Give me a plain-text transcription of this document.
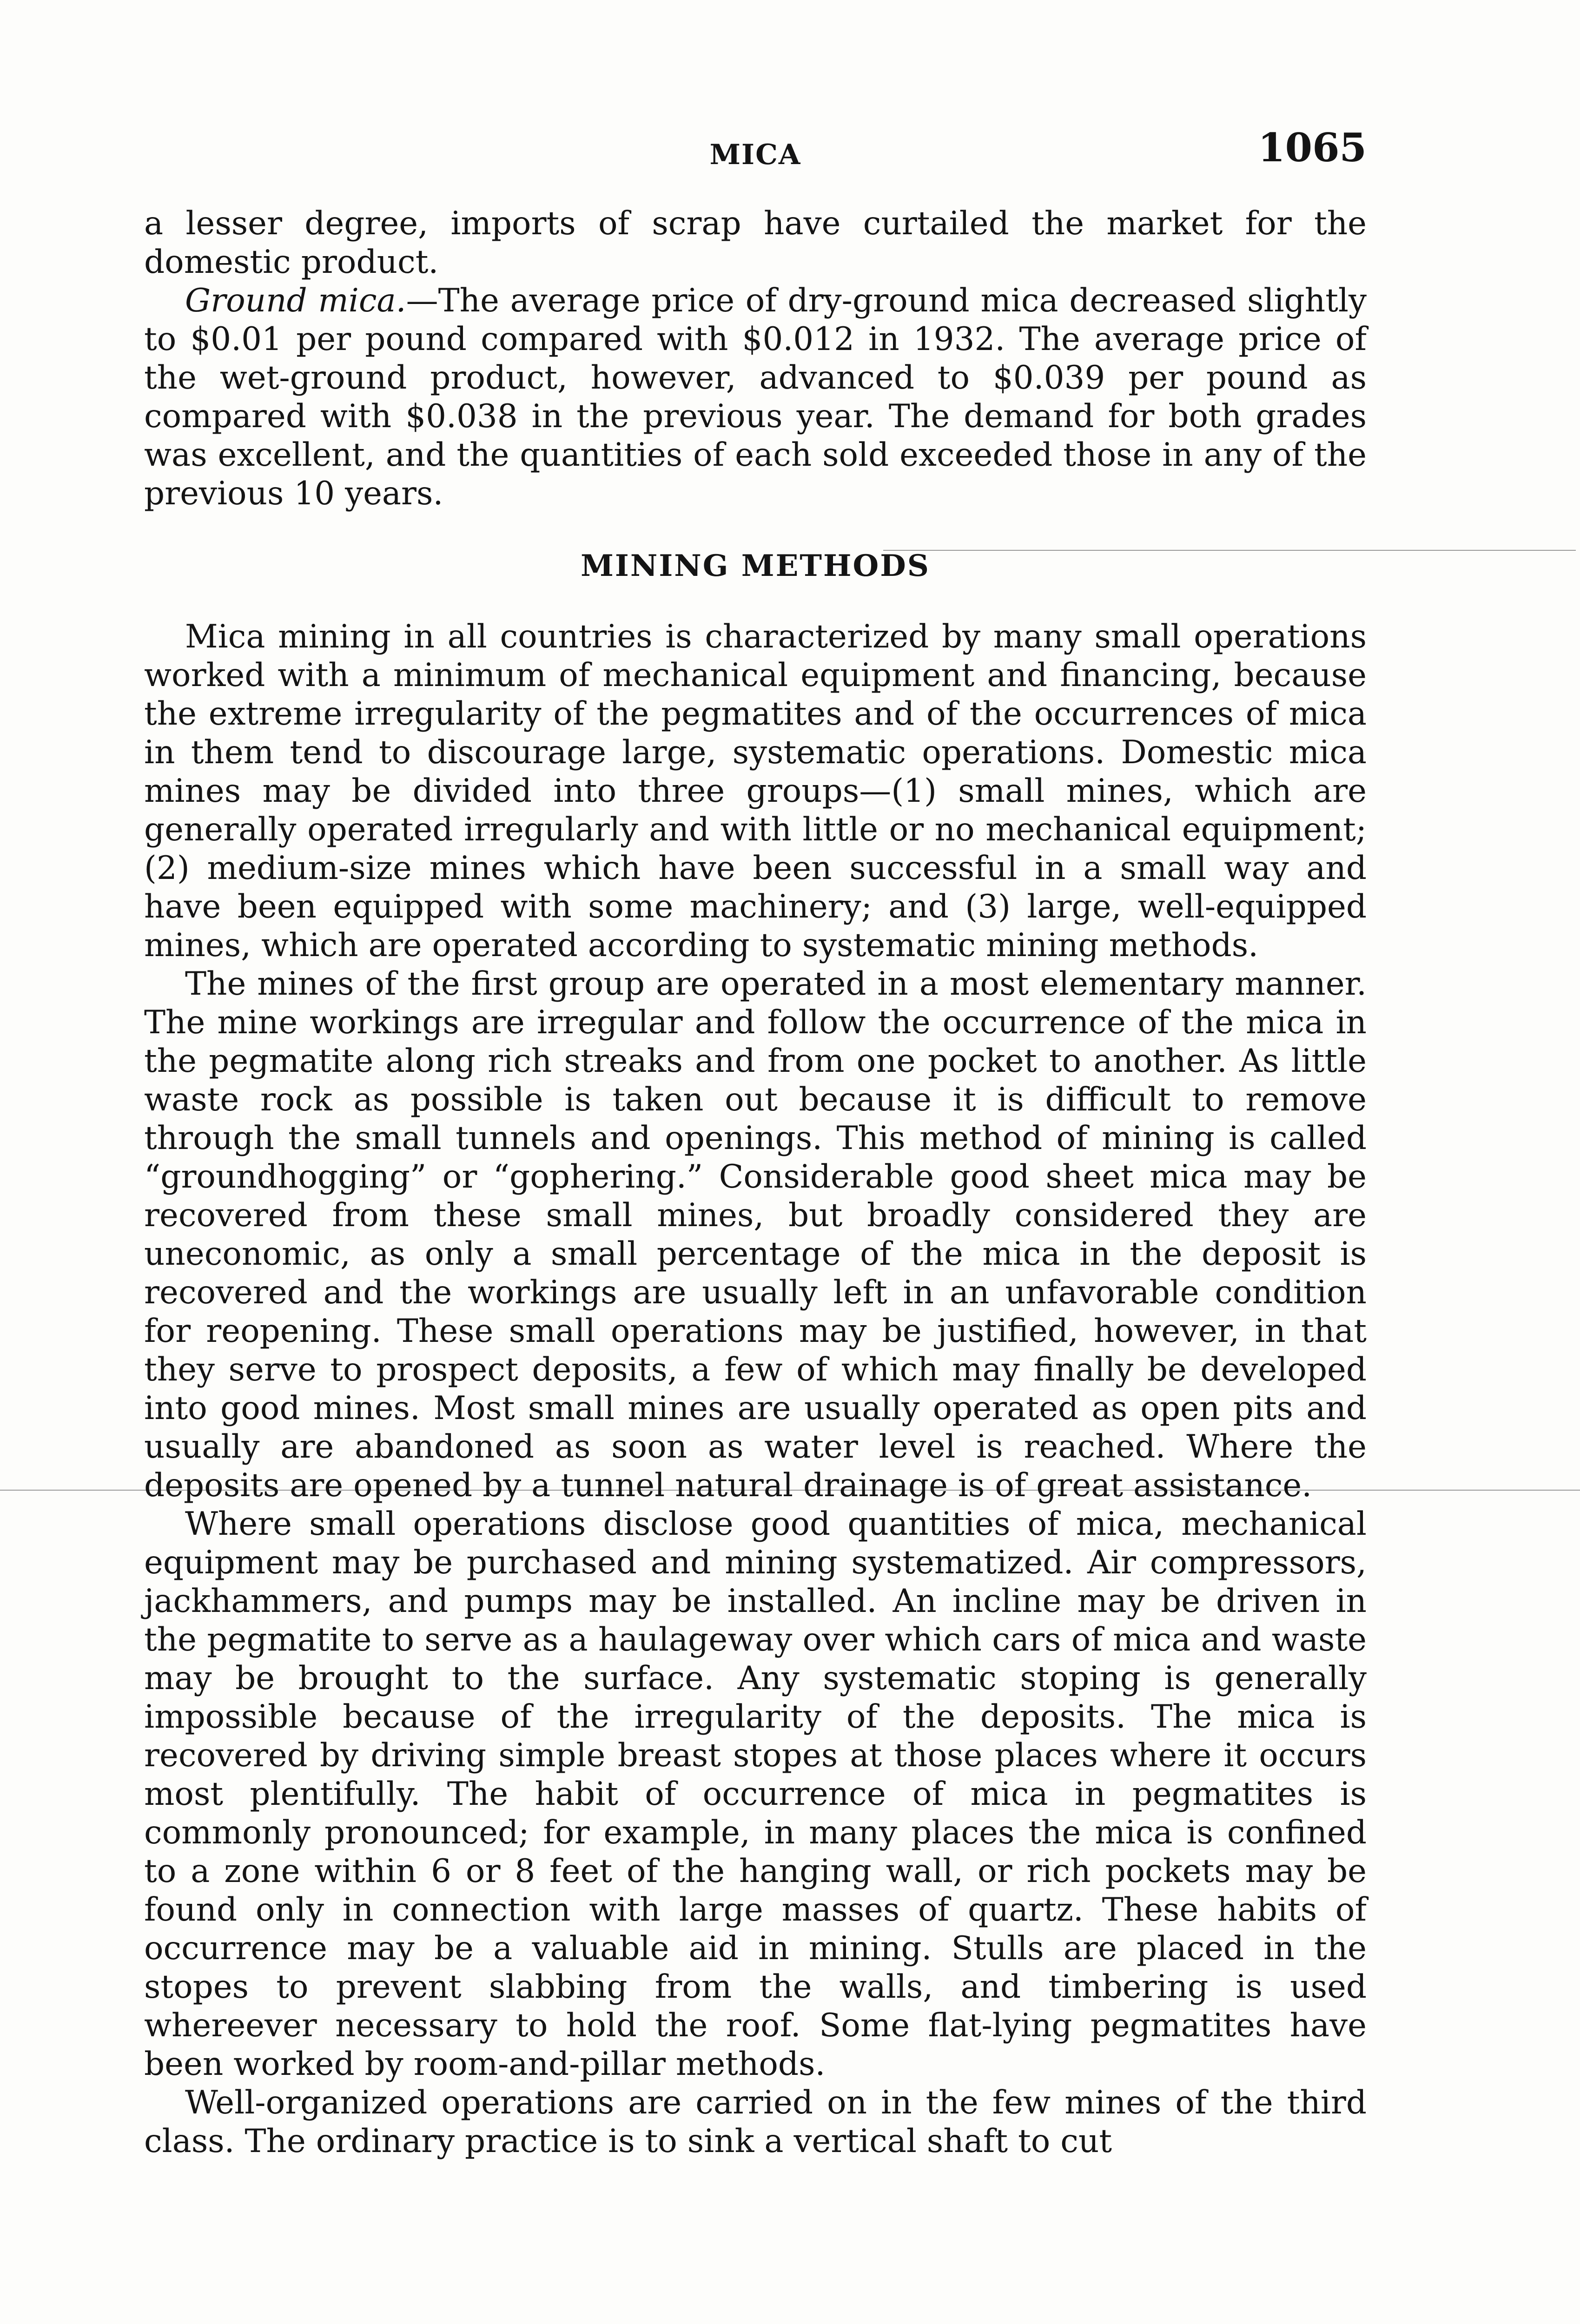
MICA	1065

a lesser degree, imports of scrap have curtailed the market for the domestic product.

Ground mica.—The average price of dry-ground mica decreased slightly to $0.01 per pound compared with $0.012 in 1932. The average price of the wet-ground product, however, advanced to $0.039 per pound as compared with $0.038 in the previous year. The demand for both grades was excellent, and the quantities of each sold exceeded those in any of the previous 10 years.

MINING METHODS

Mica mining in all countries is characterized by many small operations worked with a minimum of mechanical equipment and financing, because the extreme irregularity of the pegmatites and of the occurrences of mica in them tend to discourage large, systematic operations. Domestic mica mines may be divided into three groups—(1) small mines, which are generally operated irregularly and with little or no mechanical equipment; (2) medium-size mines which have been successful in a small way and have been equipped with some machinery; and (3) large, well-equipped mines, which are operated according to systematic mining methods.

The mines of the first group are operated in a most elementary manner. The mine workings are irregular and follow the occurrence of the mica in the pegmatite along rich streaks and from one pocket to another. As little waste rock as possible is taken out because it is difficult to remove through the small tunnels and openings. This method of mining is called “groundhogging” or “gophering.” Considerable good sheet mica may be recovered from these small mines, but broadly considered they are uneconomic, as only a small percentage of the mica in the deposit is recovered and the workings are usually left in an unfavorable condition for reopening. These small operations may be justified, however, in that they serve to prospect deposits, a few of which may finally be developed into good mines. Most small mines are usually operated as open pits and usually are abandoned as soon as water level is reached. Where the deposits are opened by a tunnel natural drainage is of great assistance.

Where small operations disclose good quantities of mica, mechanical equipment may be purchased and mining systematized. Air compressors, jackhammers, and pumps may be installed. An incline may be driven in the pegmatite to serve as a haulageway over which cars of mica and waste may be brought to the surface. Any systematic stoping is generally impossible because of the irregularity of the deposits. The mica is recovered by driving simple breast stopes at those places where it occurs most plentifully. The habit of occurrence of mica in pegmatites is commonly pronounced; for example, in many places the mica is confined to a zone within 6 or 8 feet of the hanging wall, or rich pockets may be found only in connection with large masses of quartz. These habits of occurrence may be a valuable aid in mining. Stulls are placed in the stopes to prevent slabbing from the walls, and timbering is used whereever necessary to hold the roof. Some flat-lying pegmatites have been worked by room-and-pillar methods.

Well-organized operations are carried on in the few mines of the third class. The ordinary practice is to sink a vertical shaft to cut
